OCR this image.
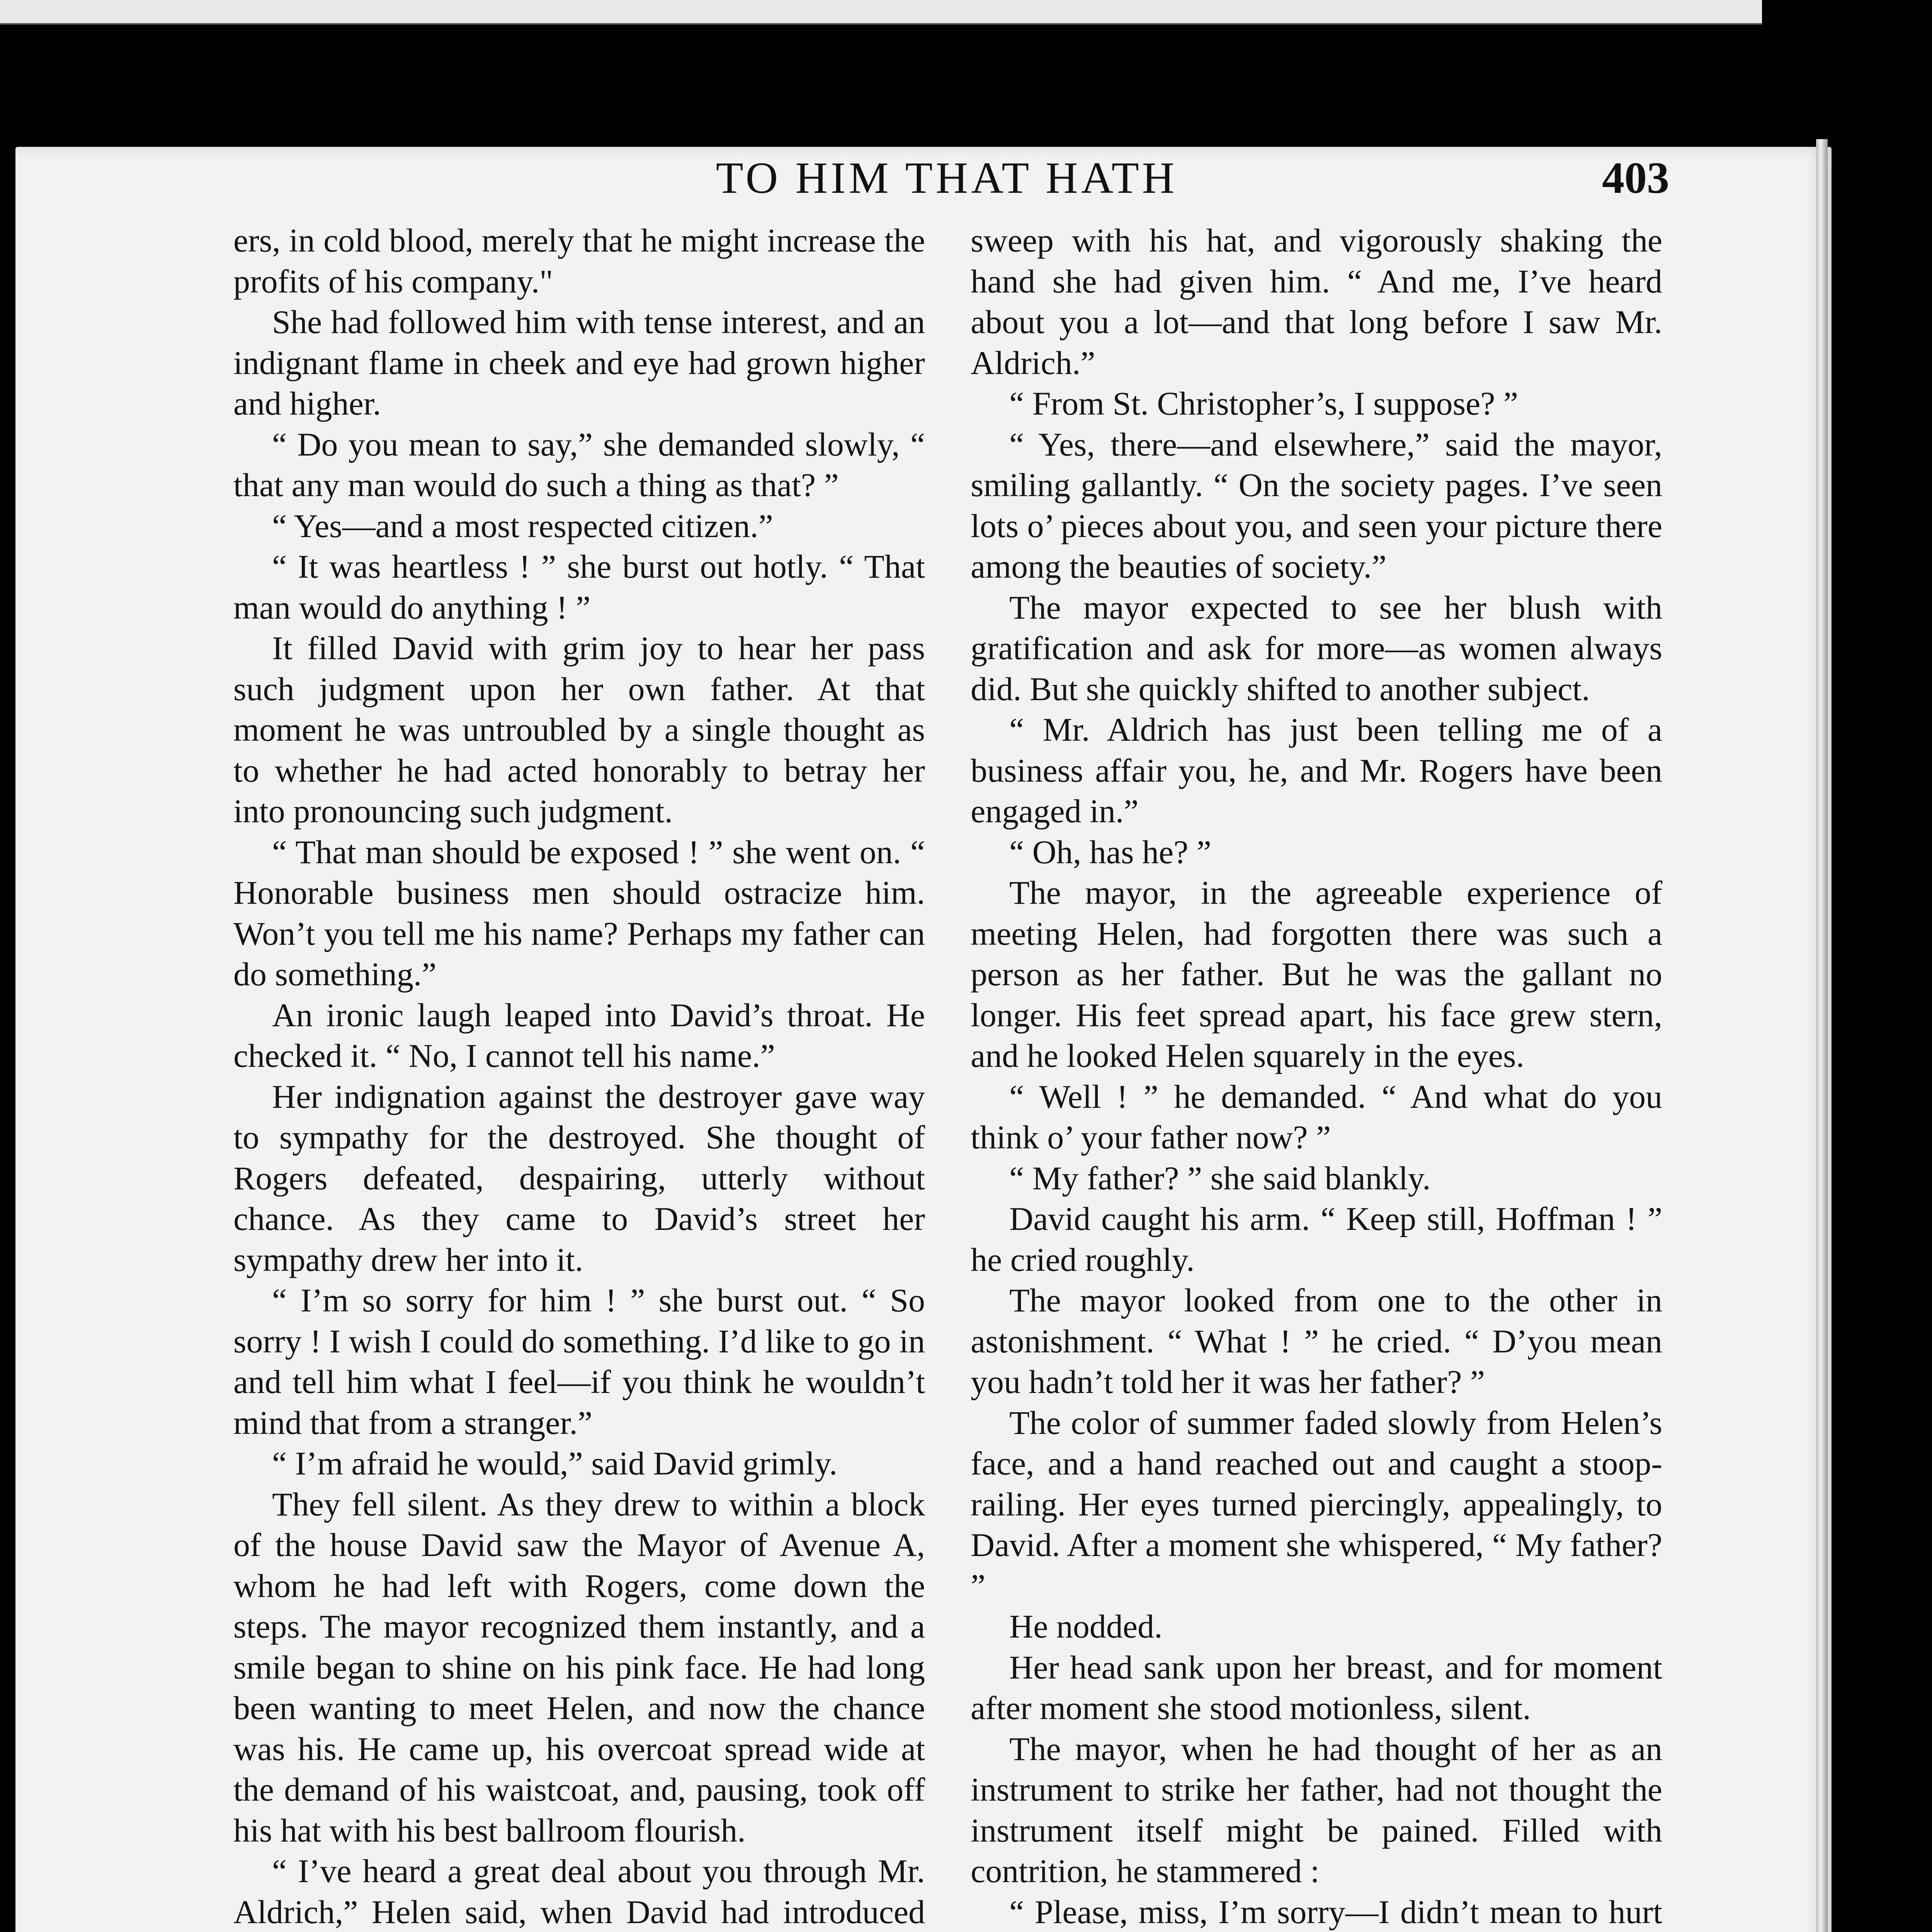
TO HIM THAT HATH	403

ers, in cold blood, merely that he might increase the profits of his company."

She had followed him with tense interest, and an indignant flame in cheek and eye had grown higher and higher.

“ Do you mean to say,” she demanded slowly, “ that any man would do such a thing as that? ”

“ Yes—and a most respected citizen.”

“ It was heartless ! ” she burst out hotly. “ That man would do anything ! ”

It filled David with grim joy to hear her pass such judgment upon her own father. At that moment he was untroubled by a single thought as to whether he had acted honorably to betray her into pronouncing such judgment.

“ That man should be exposed ! ” she went on. “ Honorable business men should ostracize him. Won’t you tell me his name? Perhaps my father can do something.”

An ironic laugh leaped into David’s throat. He checked it. “ No, I cannot tell his name.”

Her indignation against the destroyer gave way to sympathy for the destroyed. She thought of Rogers defeated, despairing, utterly without chance. As they came to David’s street her sympathy drew her into it.

“ I’m so sorry for him ! ” she burst out. “ So sorry ! I wish I could do something. I’d like to go in and tell him what I feel—if you think he wouldn’t mind that from a stranger.”

“ I’m afraid he would,” said David grimly.

They fell silent. As they drew to within a block of the house David saw the Mayor of Avenue A, whom he had left with Rogers, come down the steps. The mayor recognized them instantly, and a smile began to shine on his pink face. He had long been wanting to meet Helen, and now the chance was his. He came up, his overcoat spread wide at the demand of his waistcoat, and, pausing, took off his hat with his best ballroom flourish.

“ I’ve heard a great deal about you through Mr. Aldrich,” Helen said, when David had introduced

sweep with his hat, and vigorously shaking the hand she had given him. “ And me, I’ve heard about you a lot—and that long before I saw Mr. Aldrich.”

“ From St. Christopher’s, I suppose? ”

“ Yes, there—and elsewhere,” said the mayor, smiling gallantly. “ On the society pages. I’ve seen lots o’ pieces about you, and seen your picture there among the beauties of society.”

The mayor expected to see her blush with gratification and ask for more—as women always did. But she quickly shifted to another subject.

“ Mr. Aldrich has just been telling me of a business affair you, he, and Mr. Rogers have been engaged in.”

“ Oh, has he? ”

The mayor, in the agreeable experience of meeting Helen, had forgotten there was such a person as her father. But he was the gallant no longer. His feet spread apart, his face grew stern, and he looked Helen squarely in the eyes.

“ Well ! ” he demanded. “ And what do you think o’ your father now? ”

“ My father? ” she said blankly.

David caught his arm. “ Keep still, Hoffman ! ” he cried roughly.

The mayor looked from one to the other in astonishment. “ What ! ” he cried. “ D’you mean you hadn’t told her it was her father? ”

The color of summer faded slowly from Helen’s face, and a hand reached out and caught a stoop-railing. Her eyes turned piercingly, appealingly, to David. After a moment she whispered, “ My father? ”

He nodded.

Her head sank upon her breast, and for moment after moment she stood motionless, silent.

The mayor, when he had thought of her as an instrument to strike her father, had not thought the instrument itself might be pained. Filled with contrition, he stammered :

“ Please, miss, I’m sorry—I didn’t mean to hurt
